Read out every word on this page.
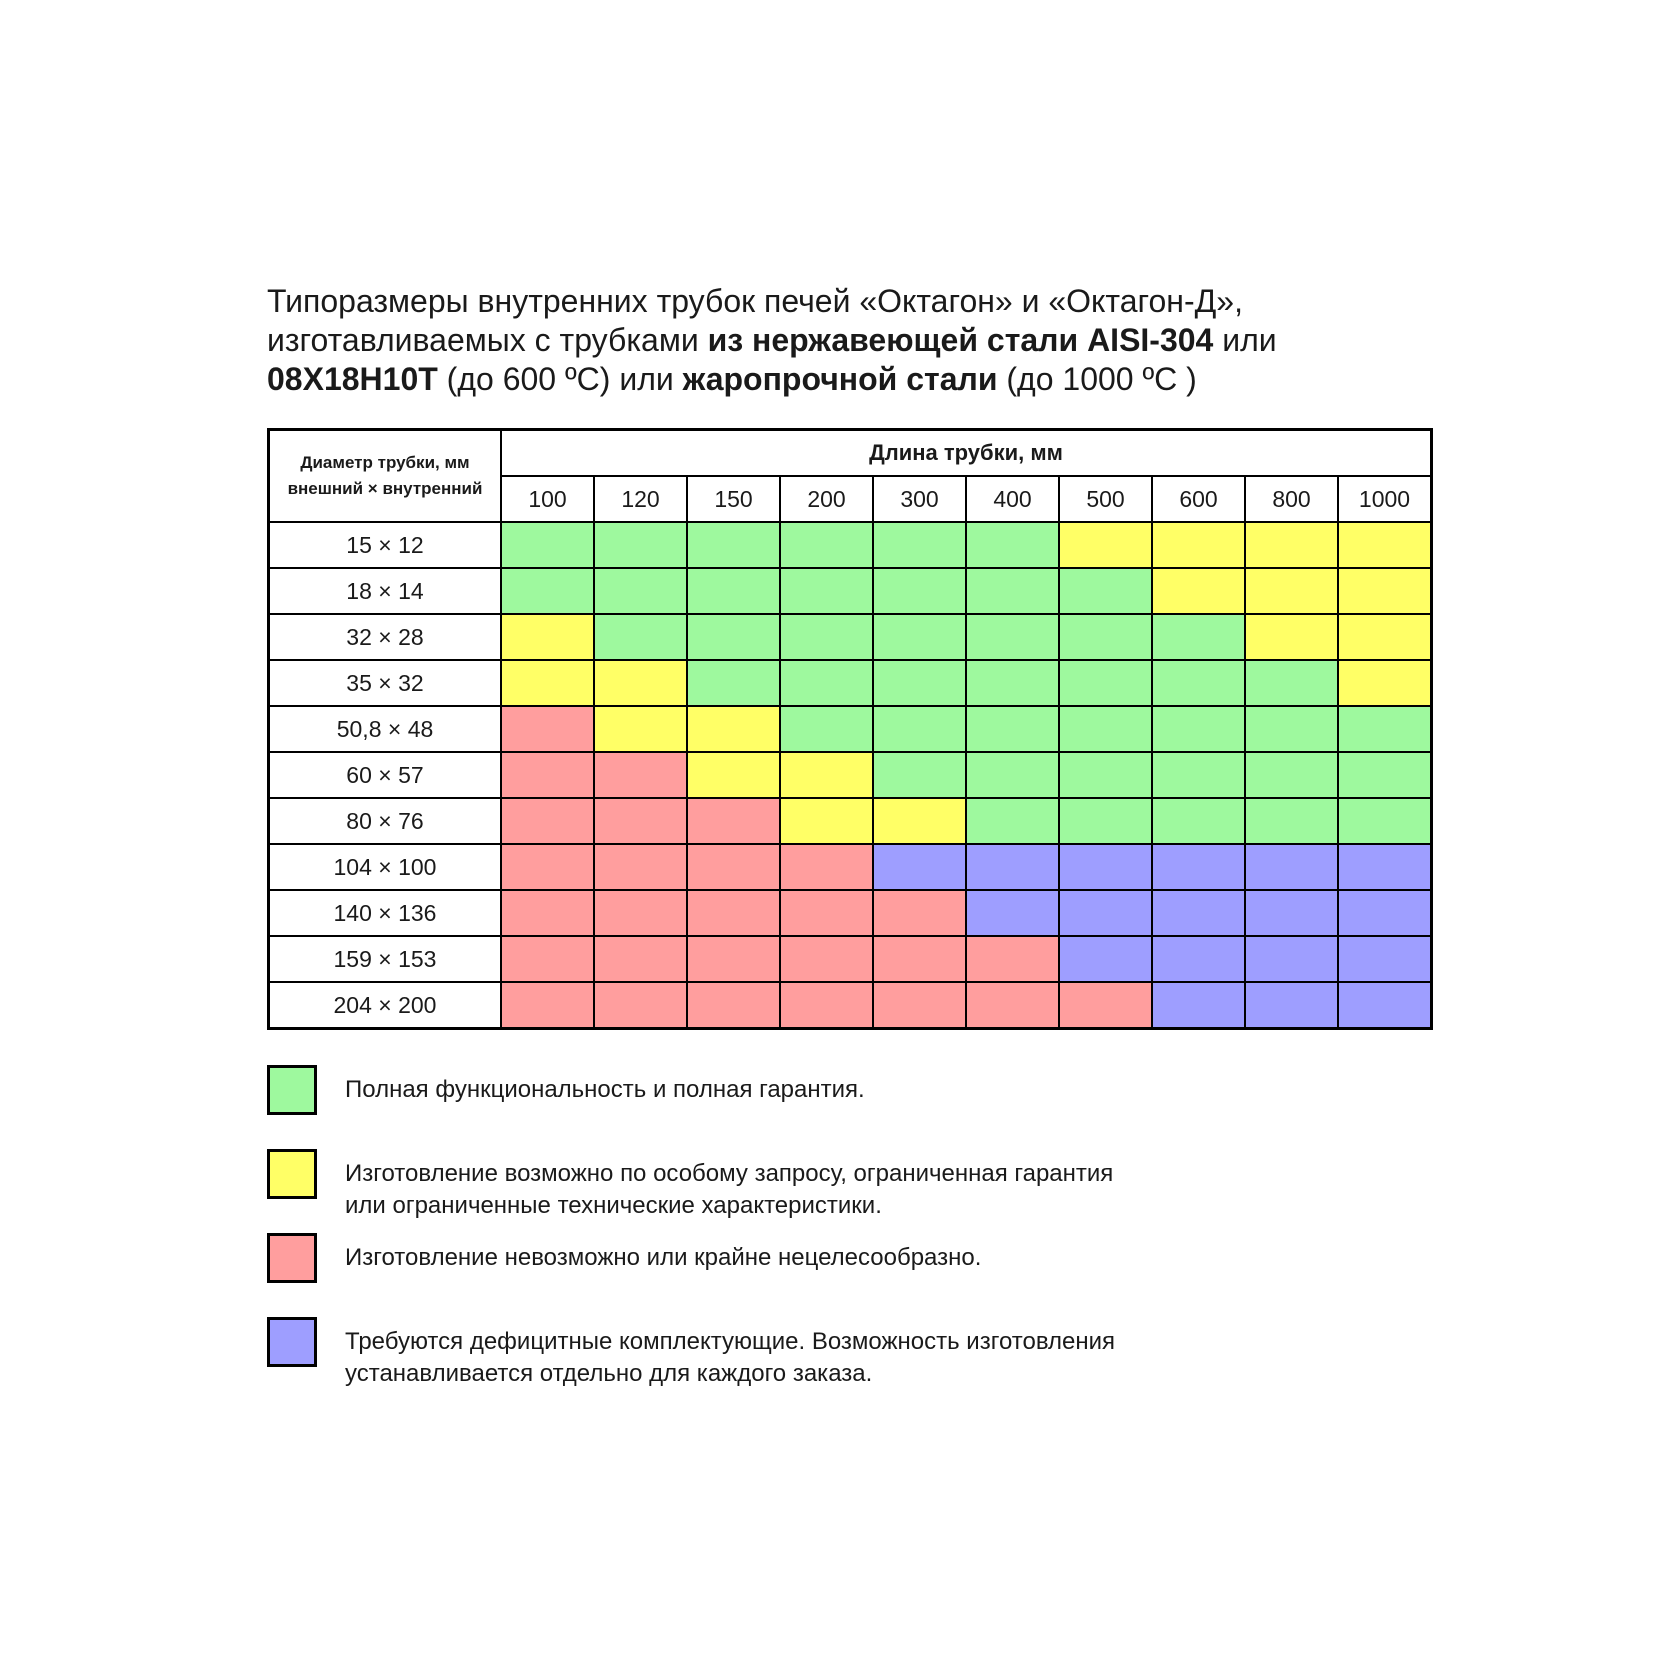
Типоразмеры внутренних трубок печей «Октагон» и «Октагон-Д»,
изготавливаемых с трубками из нержавеющей стали AISI-304 или
08Х18Н10Т (до 600 ºС) или жаропрочной стали (до 1000 ºС )
Диаметр трубки, мм
внешний × внутренний	Длина трубки, мм									
	100	120	150	200	300	400	500	600	800	1000
15 × 12										
18 × 14										
32 × 28										
35 × 32										
50,8 × 48										
60 × 57										
80 × 76										
104 × 100										
140 × 136										
159 × 153										
204 × 200										
Полная функциональность и полная гарантия.
Изготовление возможно по особому запросу, ограниченная гарантия
или ограниченные технические характеристики.
Изготовление невозможно или крайне нецелесообразно.
Требуются дефицитные комплектующие. Возможность изготовления
устанавливается отдельно для каждого заказа.
